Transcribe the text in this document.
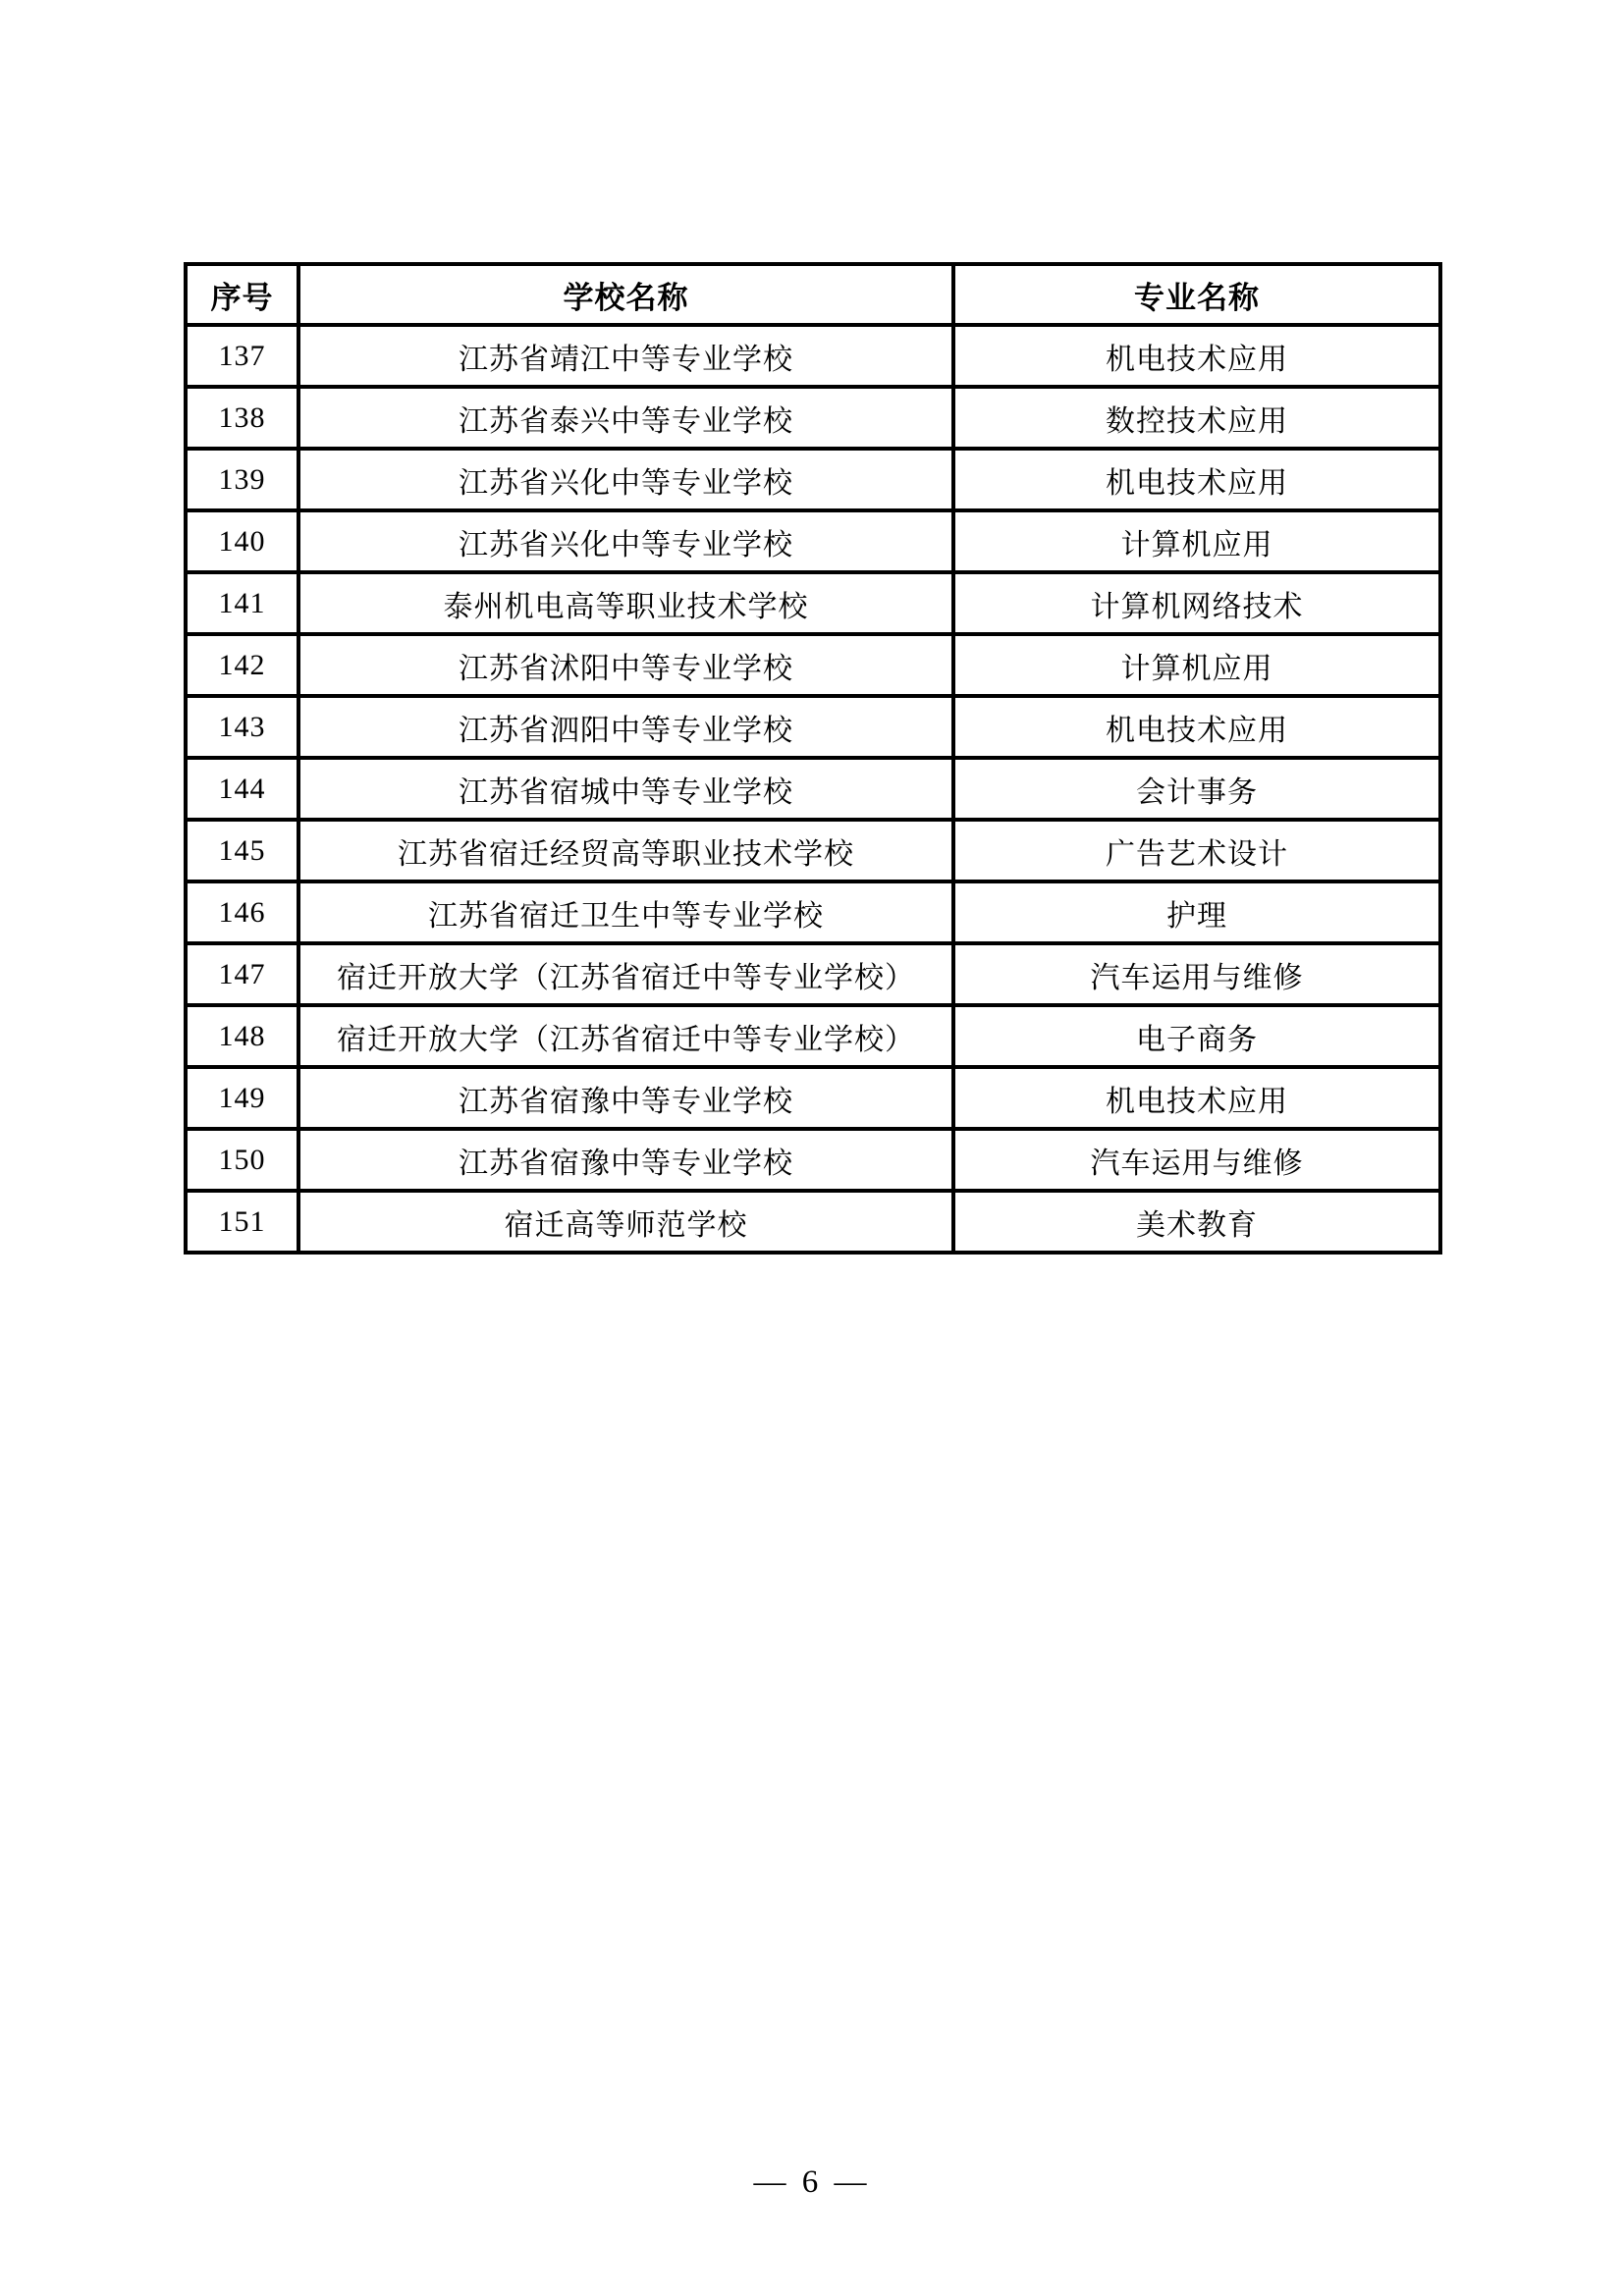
序号	学校名称	专业名称
137	江苏省靖江中等专业学校	机电技术应用
138	江苏省泰兴中等专业学校	数控技术应用
139	江苏省兴化中等专业学校	机电技术应用
140	江苏省兴化中等专业学校	计算机应用
141	泰州机电高等职业技术学校	计算机网络技术
142	江苏省沭阳中等专业学校	计算机应用
143	江苏省泗阳中等专业学校	机电技术应用
144	江苏省宿城中等专业学校	会计事务
145	江苏省宿迁经贸高等职业技术学校	广告艺术设计
146	江苏省宿迁卫生中等专业学校	护理
147	宿迁开放大学（江苏省宿迁中等专业学校）	汽车运用与维修
148	宿迁开放大学（江苏省宿迁中等专业学校）	电子商务
149	江苏省宿豫中等专业学校	机电技术应用
150	江苏省宿豫中等专业学校	汽车运用与维修
151	宿迁高等师范学校	美术教育
— 6 —
